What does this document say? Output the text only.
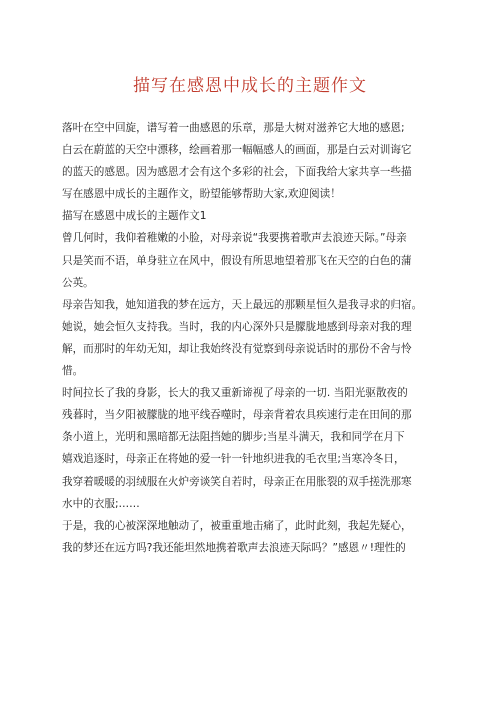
描写在感恩中成长的主题作文
落叶在空中回旋，谱写着一曲感恩的乐章，那是大树对滋养它大地的感恩;
白云在蔚蓝的天空中漂移，绘画着那一幅幅感人的画面，那是白云对训诲它
的蓝天的感恩。因为感恩才会有这个多彩的社会，下面我给大家共享一些描
写在感恩中成长的主题作文，盼望能够帮助大家,欢迎阅读！
描写在感恩中成长的主题作文1
曾几何时，我仰着稚嫩的小脸，对母亲说“我要携着歌声去浪迹天际。”母亲
只是笑而不语，单身驻立在风中，假设有所思地望着那飞在天空的白色的蒲
公英。
母亲告知我，她知道我的梦在远方，天上最远的那颗星恒久是我寻求的归宿。
她说，她会恒久支持我。当时，我的内心深外只是朦胧地感到母亲对我的理
解，而那时的年幼无知，却让我始终没有觉察到母亲说话时的那份不舍与怜
惜。
时间拉长了我的身影，长大的我又重新谛视了母亲的一切. 当阳光驱散夜的
残暮时，当夕阳被朦胧的地平线吞噬时，母亲背着农具疾速行走在田间的那
条小道上，光明和黑暗都无法阻挡她的脚步;当星斗满天，我和同学在月下
嬉戏追逐时，母亲正在将她的爱一针一针地织进我的毛衣里;当寒冷冬日，
我穿着暖暖的羽绒服在火炉旁谈笑自若时，母亲正在用胀裂的双手搓洗那寒
水中的衣服;……
于是，我的心被深深地触动了，被重重地击痛了，此时此刻，我起先疑心，
我的梦还在远方吗?我还能坦然地携着歌声去浪迹天际吗？”感恩〃!理性的
